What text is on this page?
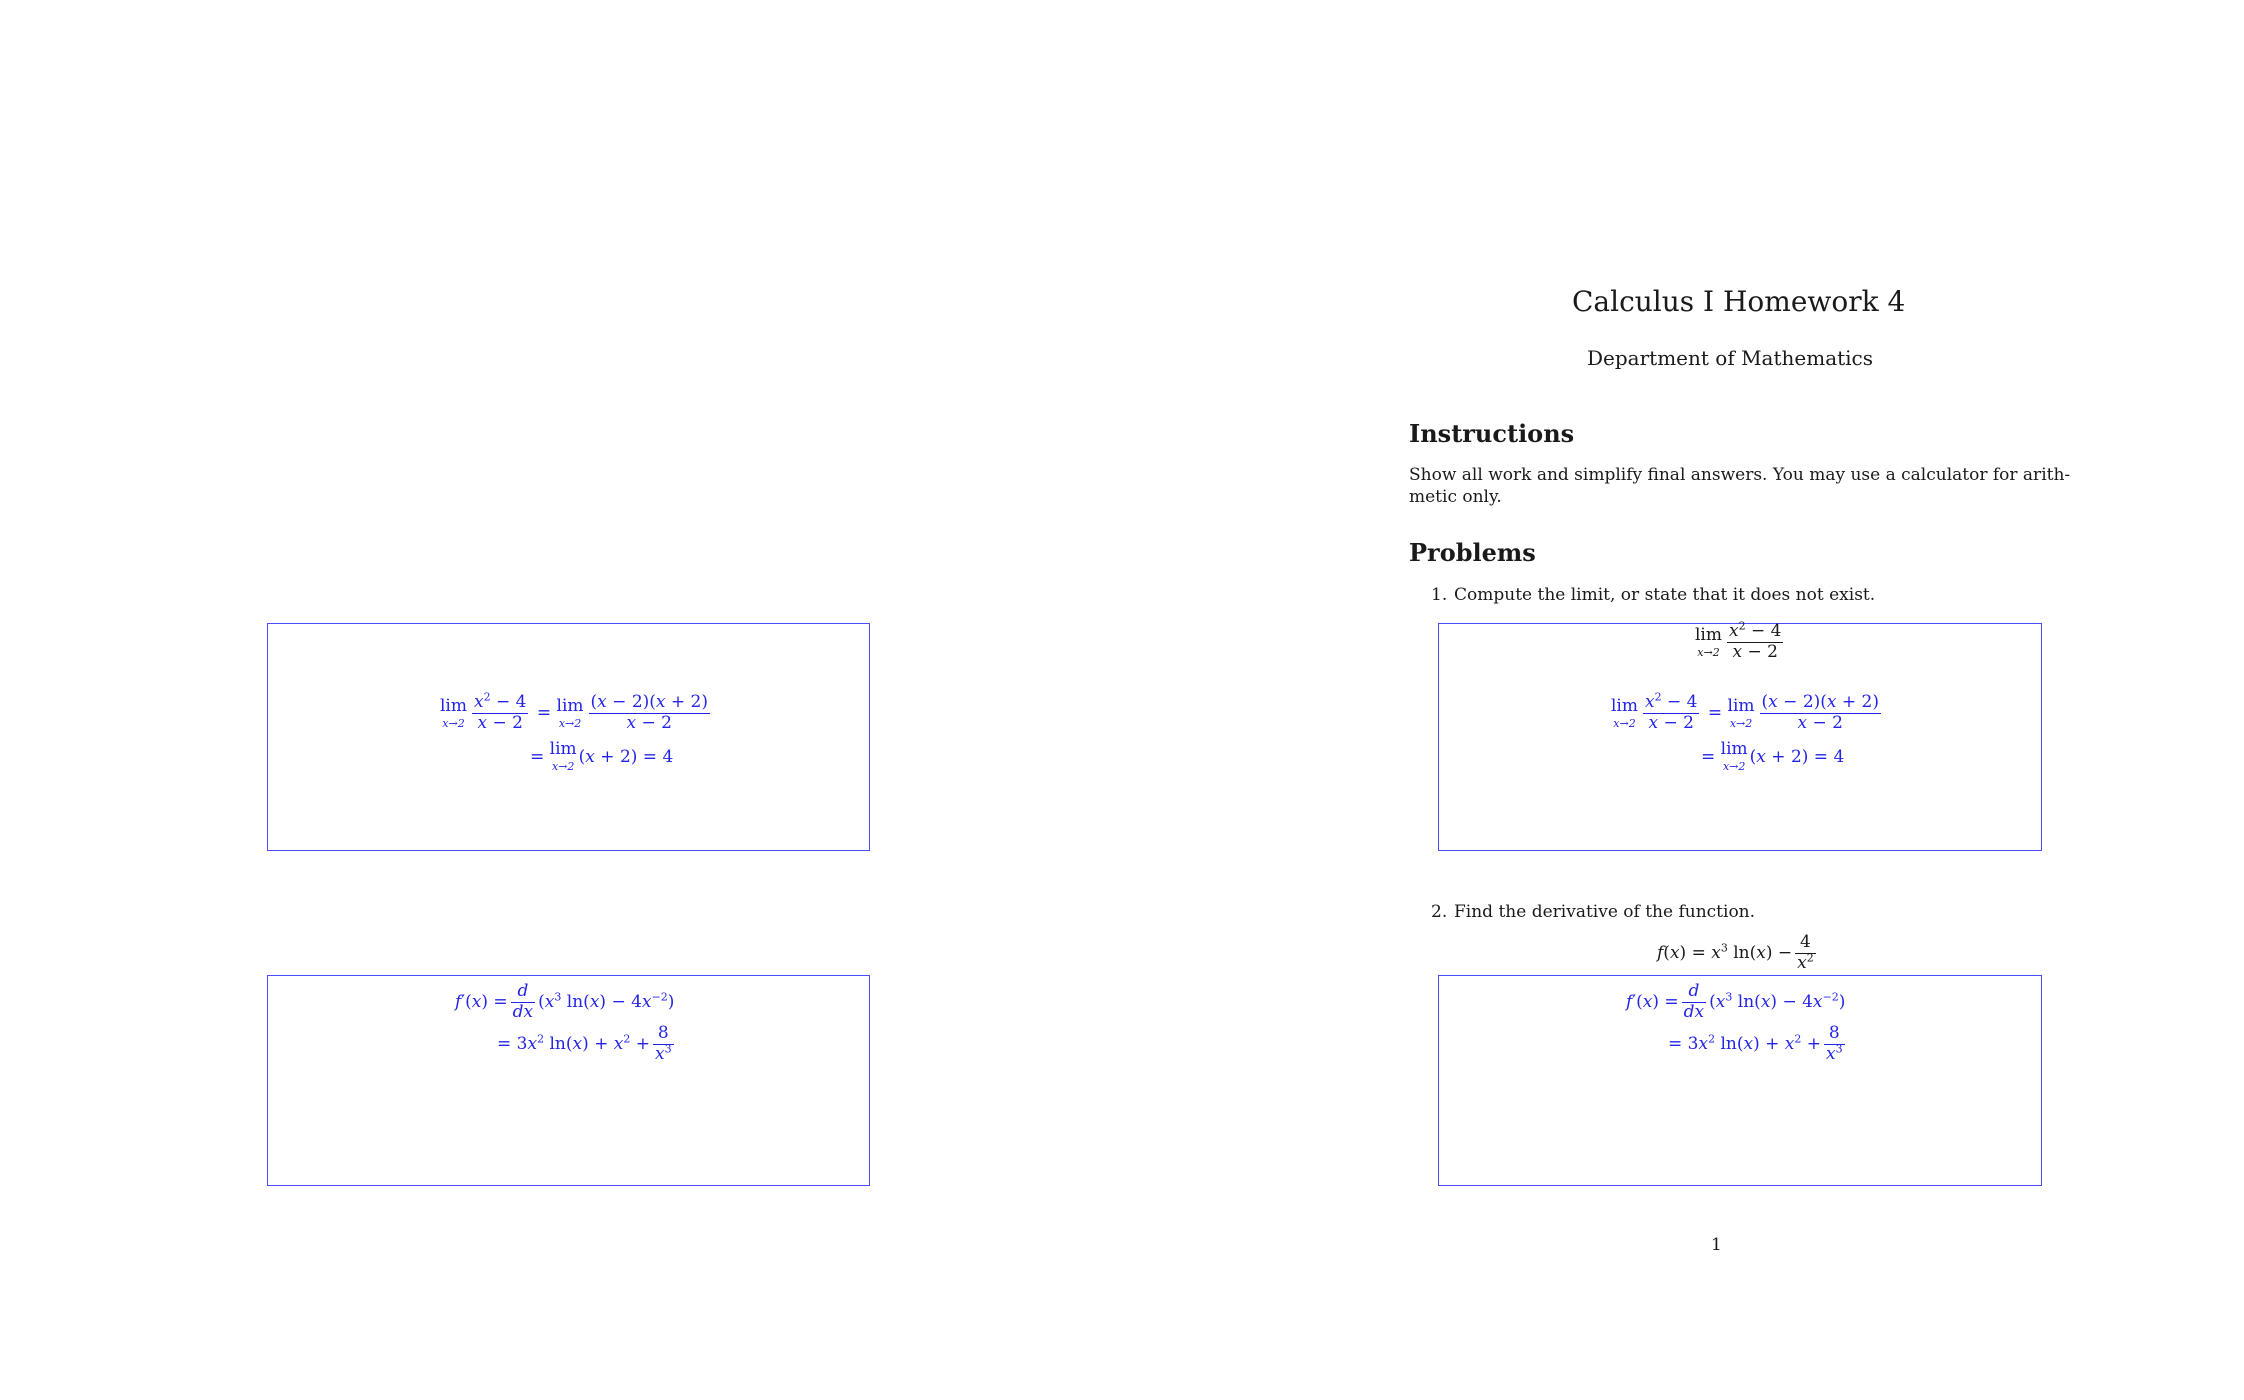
lim
$x\to 2 \frac{x^2 - 4}{x - 2} = \lim$
$x\to 2 \frac{(x - 2)(x + 2)}{x - 2}$
= lim
x→2 (x + 2) = 4
$f'(x) = \frac{d}{dx} (x^3$ $\ln(x) - 4x^{-2}$)
= $3x^2$ $\ln(x) + x^2 + \frac{8}{x^3}$
Calculus I Homework 4
Department of Mathematics
Instructions
Show all work and simplify final answers. You may use a calculator for arith-
metic only.
Problems
1. Compute the limit, or state that it does not exist.
lim
$x\to 2 \frac{x^2 - 4}{x - 2}$
lim
$x\to 2 \frac{x^2 - 4}{x - 2} = \lim$
$x\to 2 \frac{(x - 2)(x + 2)}{x - 2}$
= lim
x→2 (x + 2) = 4
2. Find the derivative of the function.
$f(x) = x^3$ $\ln(x) - \frac{4}{x^2}$
$f'(x) = \frac{d}{dx} (x^3$ $\ln(x) - 4x^{-2}$)
= $3x^2$ $\ln(x) + x^2 + \frac{8}{x^3}$
1
